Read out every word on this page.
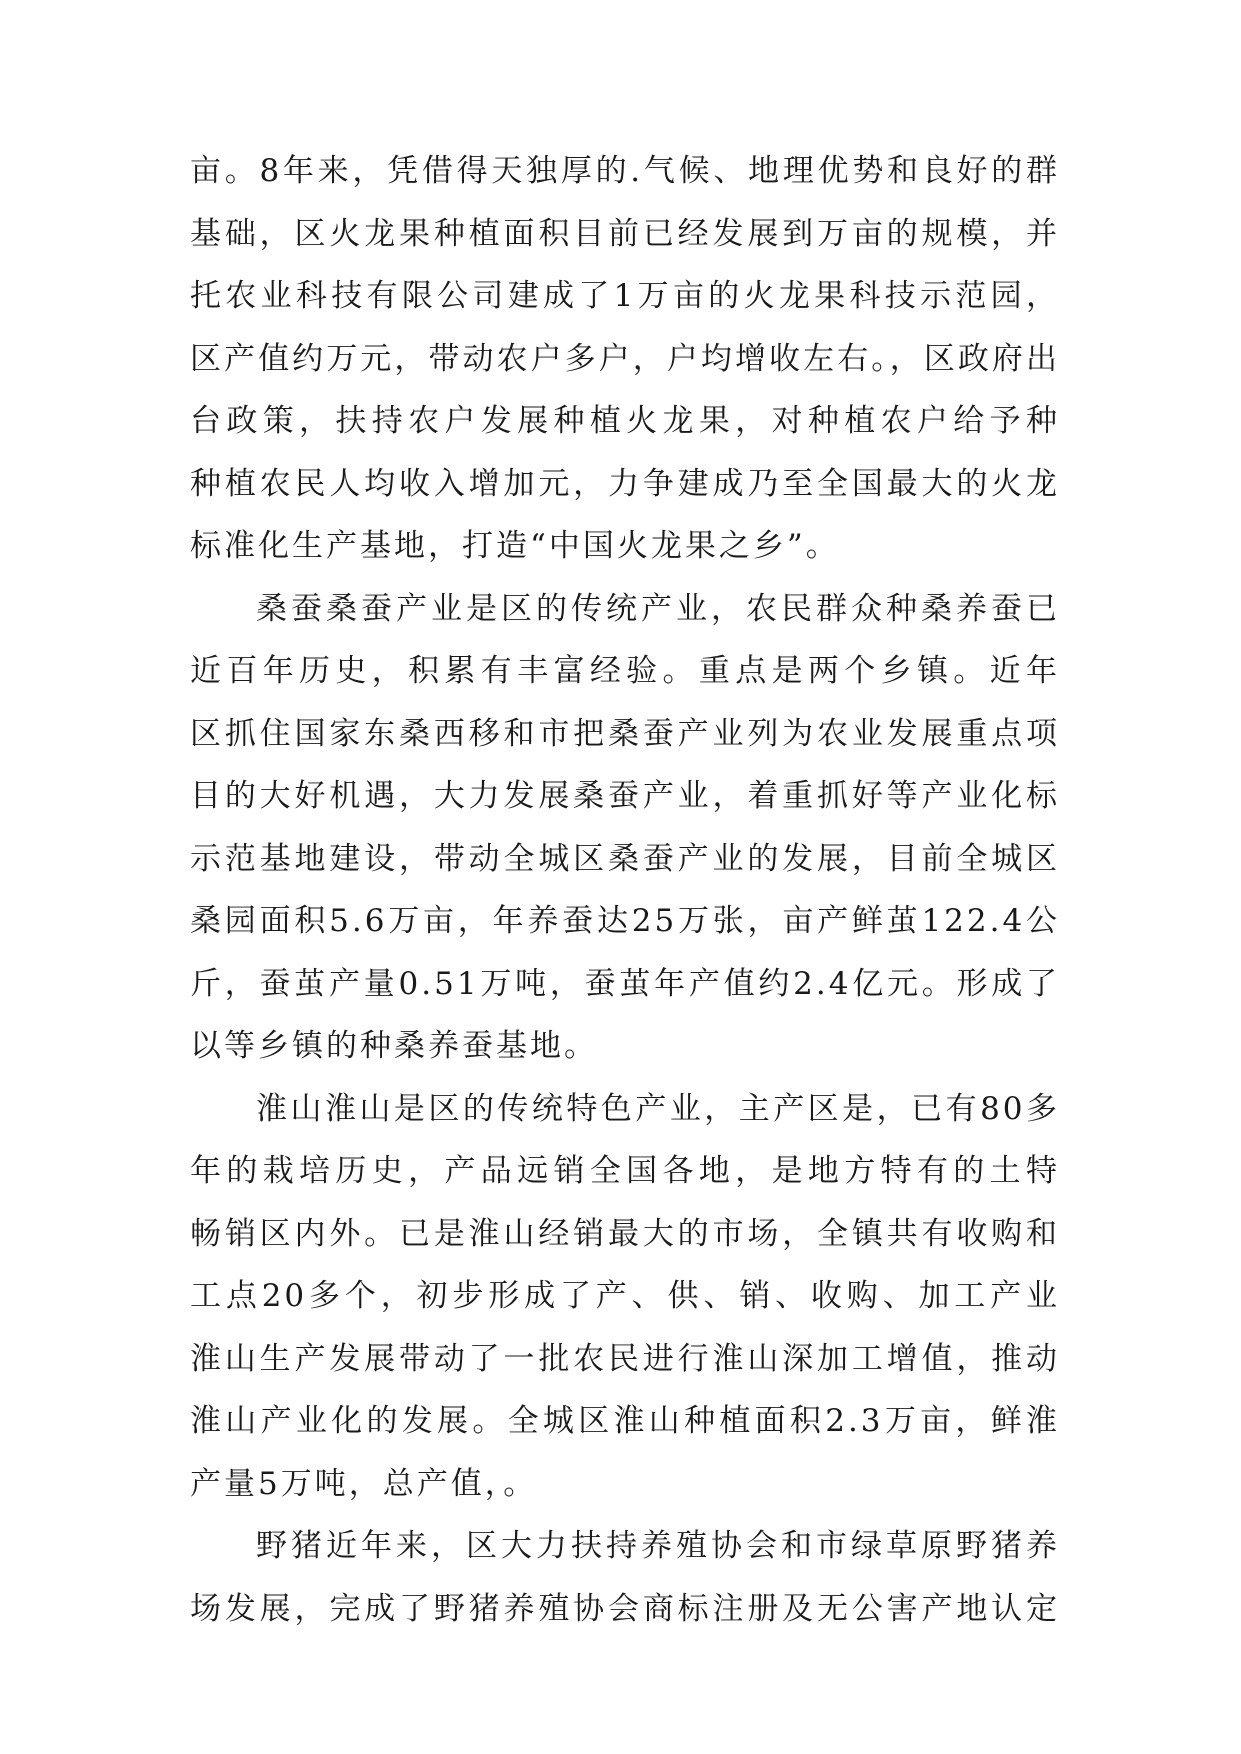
亩。8年来，凭借得天独厚的.气候、地理优势和良好的群
基础，区火龙果种植面积目前已经发展到万亩的规模，并
托农业科技有限公司建成了1万亩的火龙果科技示范园，
区产值约万元，带动农户多户，户均增收左右。，区政府出
台政策，扶持农户发展种植火龙果，对种植农户给予种
种植农民人均收入增加元，力争建成乃至全国最大的火龙
标准化生产基地，打造“中国火龙果之乡”。
桑蚕桑蚕产业是区的传统产业，农民群众种桑养蚕已
近百年历史，积累有丰富经验。重点是两个乡镇。近年
区抓住国家东桑西移和市把桑蚕产业列为农业发展重点项
目的大好机遇，大力发展桑蚕产业，着重抓好等产业化标
示范基地建设，带动全城区桑蚕产业的发展，目前全城区
桑园面积5.6万亩，年养蚕达25万张，亩产鲜茧122.4公
斤，蚕茧产量0.51万吨，蚕茧年产值约2.4亿元。形成了
以等乡镇的种桑养蚕基地。
淮山淮山是区的传统特色产业，主产区是，已有80多
年的栽培历史，产品远销全国各地，是地方特有的土特
畅销区内外。已是淮山经销最大的市场，全镇共有收购和
工点20多个，初步形成了产、供、销、收购、加工产业
淮山生产发展带动了一批农民进行淮山深加工增值，推动
淮山产业化的发展。全城区淮山种植面积2.3万亩，鲜淮
产量5万吨，总产值，。
野猪近年来，区大力扶持养殖协会和市绿草原野猪养
场发展，完成了野猪养殖协会商标注册及无公害产地认定
